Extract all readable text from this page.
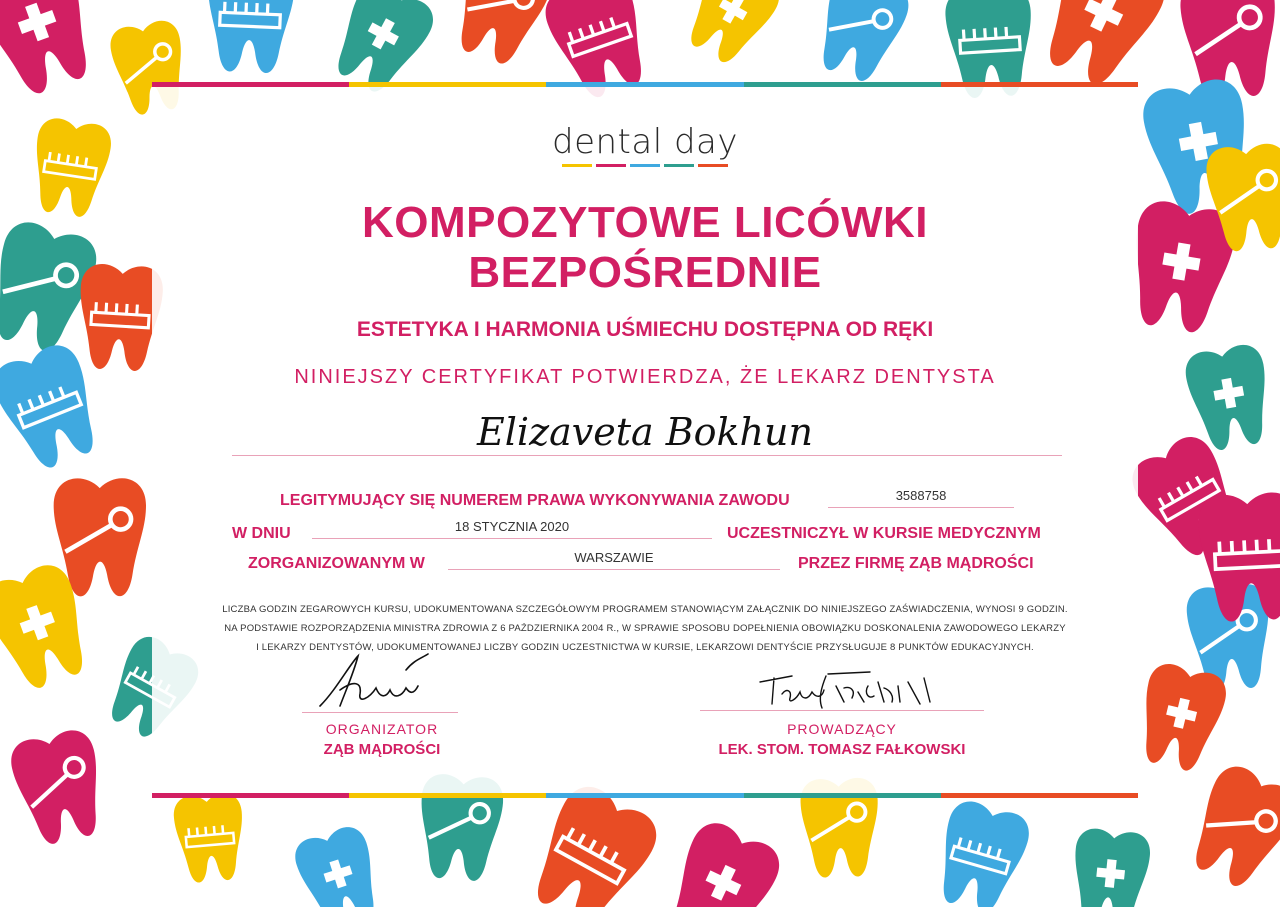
dental day
KOMPOZYTOWE LICÓWKI
BEZPOŚREDNIE
ESTETYKA I HARMONIA UŚMIECHU DOSTĘPNA OD RĘKI
NINIEJSZY CERTYFIKAT POTWIERDZA, ŻE LEKARZ DENTYSTA
Elizaveta Bokhun
LEGITYMUJĄCY SIĘ NUMEREM PRAWA WYKONYWANIA ZAWODU	3588758
W DNIU	18 STYCZNIA 2020	UCZESTNICZYŁ W KURSIE MEDYCZNYM
ZORGANIZOWANYM W	WARSZAWIE	PRZEZ FIRMĘ ZĄB MĄDROŚCI
LICZBA GODZIN ZEGAROWYCH KURSU, UDOKUMENTOWANA SZCZEGÓŁOWYM PROGRAMEM STANOWIĄCYM ZAŁĄCZNIK DO NINIEJSZEGO ZAŚWIADCZENIA, WYNOSI 9 GODZIN.
NA PODSTAWIE ROZPORZĄDZENIA MINISTRA ZDROWIA Z 6 PAŹDZIERNIKA 2004 R., W SPRAWIE SPOSOBU DOPEŁNIENIA OBOWIĄZKU DOSKONALENIA ZAWODOWEGO LEKARZY
I LEKARZY DENTYSTÓW, UDOKUMENTOWANEJ LICZBY GODZIN UCZESTNICTWA W KURSIE, LEKARZOWI DENTYŚCIE PRZYSŁUGUJE 8 PUNKTÓW EDUKACYJNYCH.
ORGANIZATOR
ZĄB MĄDROŚCI
PROWADZĄCY
LEK. STOM. TOMASZ FAŁKOWSKI
